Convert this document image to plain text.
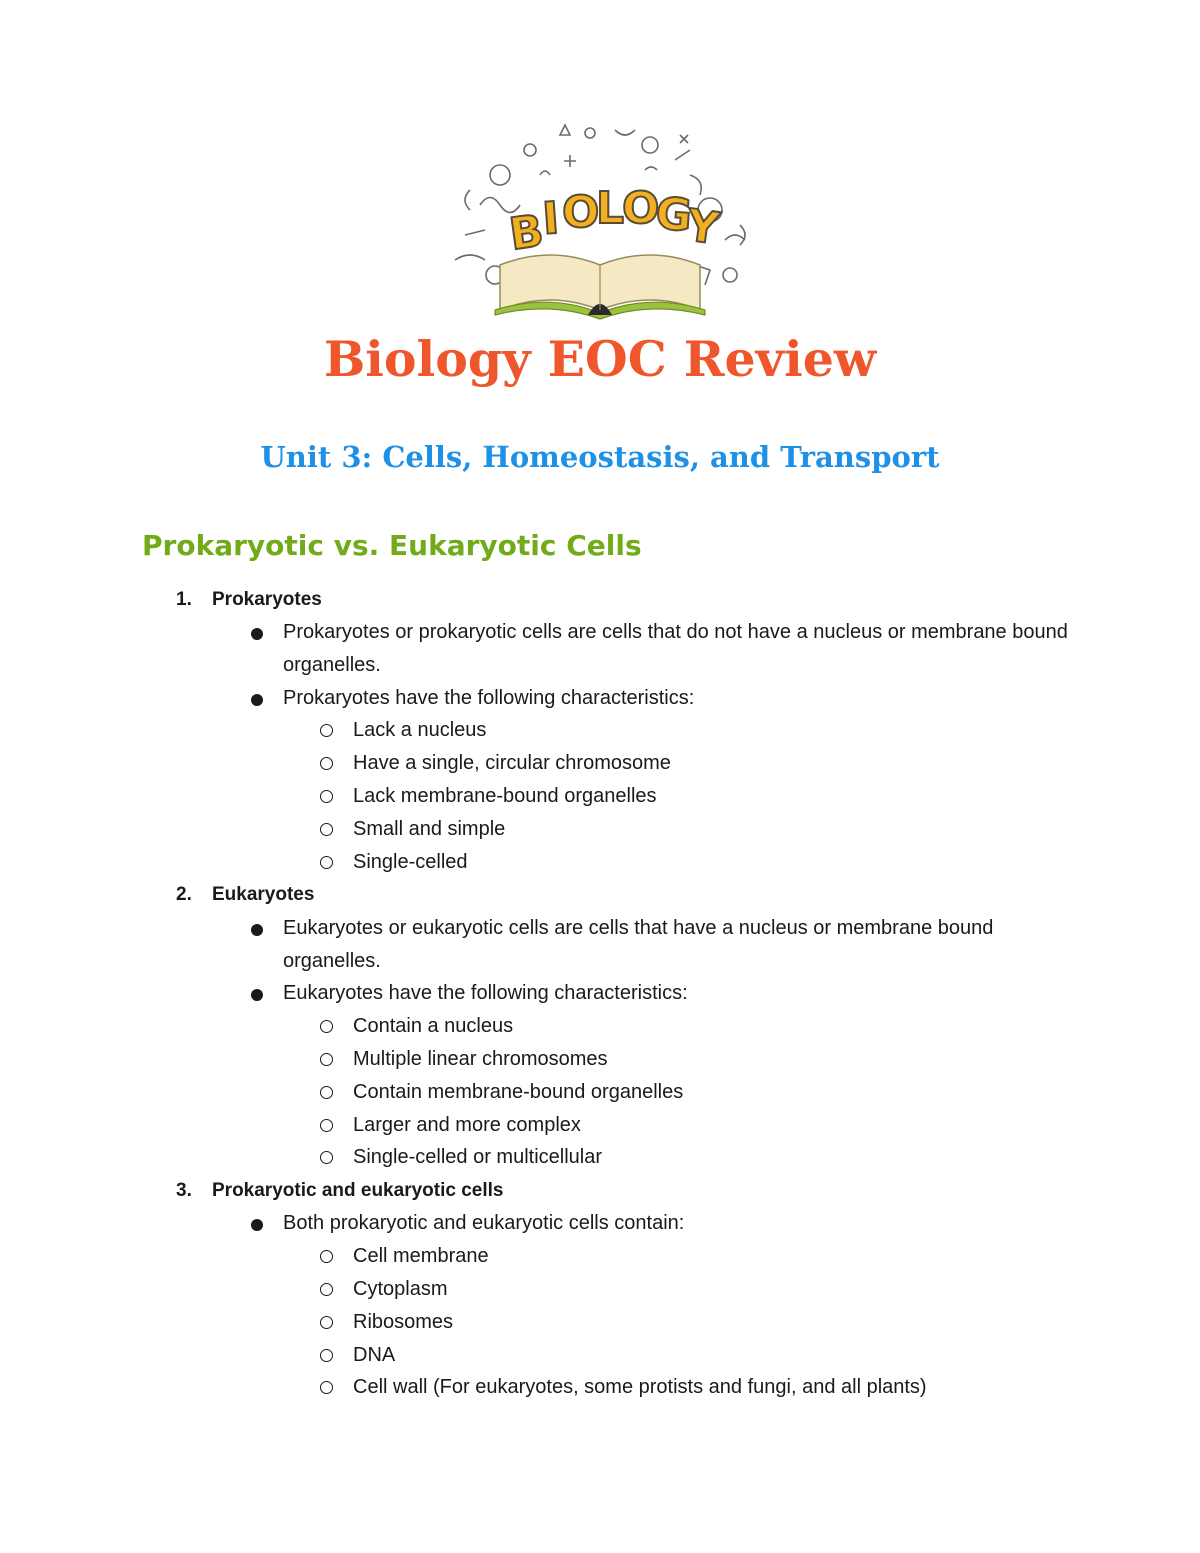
B
I O
L
O
G
Y
Biology EOC Review
Unit 3: Cells, Homeostasis, and Transport
Prokaryotic vs. Eukaryotic Cells
1. Prokaryotes
Prokaryotes or prokaryotic cells are cells that do not have a nucleus or membrane bound organelles.
Prokaryotes have the following characteristics:
Lack a nucleus
Have a single, circular chromosome
Lack membrane-bound organelles
Small and simple
Single-celled
2. Eukaryotes
Eukaryotes or eukaryotic cells are cells that have a nucleus or membrane bound organelles.
Eukaryotes have the following characteristics:
Contain a nucleus
Multiple linear chromosomes
Contain membrane-bound organelles
Larger and more complex
Single-celled or multicellular
3. Prokaryotic and eukaryotic cells
Both prokaryotic and eukaryotic cells contain:
Cell membrane
Cytoplasm
Ribosomes
DNA
Cell wall (For eukaryotes, some protists and fungi, and all plants)
